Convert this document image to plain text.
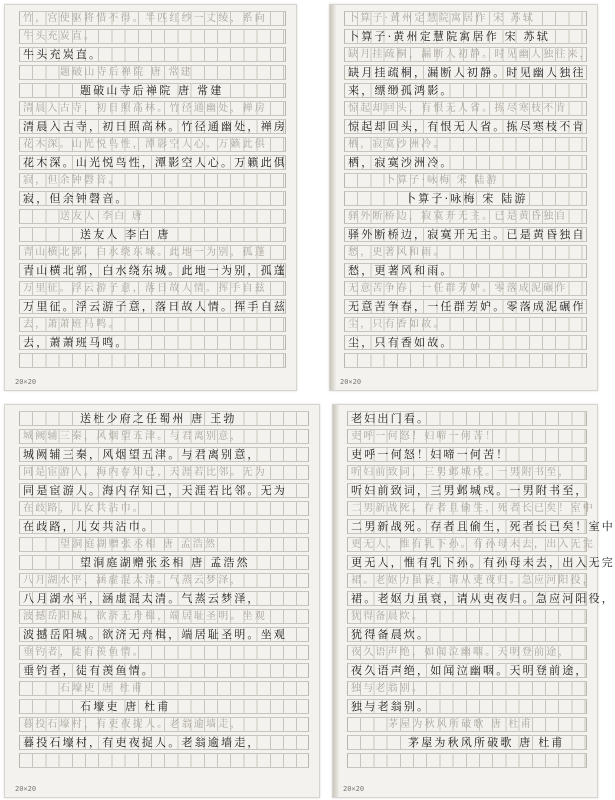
竹，宫使驱将惜不得。半匹红纱一丈绫，系向
牛头充炭直。
牛头充炭直。
题破山寺后禅院 唐 常建
题破山寺后禅院 唐 常建
清晨入古寺，初日照高林。竹径通幽处，禅房
清晨入古寺，初日照高林。竹径通幽处，禅房
花木深。山光悦鸟性，潭影空人心。万籁此俱
花木深。山光悦鸟性，潭影空人心。万籁此俱
寂，但余钟磬音。
寂，但余钟磬音。
送友人 李白 唐
送友人 李白 唐
青山横北郭，白水绕东城。此地一为别，孤蓬
青山横北郭，白水绕东城。此地一为别，孤蓬
万里征。浮云游子意，落日故人情。挥手自兹
万里征。浮云游子意，落日故人情。挥手自兹
去，萧萧班马鸣。
去，萧萧班马鸣。
20×20
卜算子·黄州定慧院寓居作 宋 苏轼
卜算子·黄州定慧院寓居作 宋 苏轼
缺月挂疏桐，漏断人初静。时见幽人独往来，
缺月挂疏桐，漏断人初静。时见幽人独往
来，缥缈孤鸿影。
惊起却回头，有恨无人省。拣尽寒枝不肯
惊起却回头，有恨无人省。拣尽寒枝不肯
栖，寂寞沙洲冷。
栖，寂寞沙洲冷。
卜算子·咏梅 宋 陆游
卜算子·咏梅 宋 陆游
驿外断桥边，寂寞开无主。已是黄昏独自
驿外断桥边，寂寞开无主。已是黄昏独自
愁，更著风和雨。
愁，更著风和雨。
无意苦争春，一任群芳妒。零落成泥碾作
无意苦争春，一任群芳妒。零落成泥碾作
尘，只有香如故。
尘，只有香如故。
20×20
送杜少府之任蜀州 唐 王勃
城阙辅三秦，风烟望五津。与君离别意，
城阙辅三秦，风烟望五津。与君离别意，
同是宦游人。海内存知己，天涯若比邻。无为
同是宦游人。海内存知己，天涯若比邻。无为
在歧路，儿女共沾巾。
在歧路，儿女共沾巾。
望洞庭湖赠张丞相 唐 孟浩然
望洞庭湖赠张丞相 唐 孟浩然
八月湖水平，涵虚混太清。气蒸云梦泽，
八月湖水平，涵虚混太清。气蒸云梦泽，
波撼岳阳城。欲济无舟楫，端居耻圣明。坐观
波撼岳阳城。欲济无舟楫，端居耻圣明。坐观
垂钓者，徒有羡鱼情。
垂钓者，徒有羡鱼情。
石壕吏 唐 杜甫
石壕吏 唐 杜甫
暮投石壕村，有吏夜捉人。老翁逾墙走，
暮投石壕村，有吏夜捉人。老翁逾墙走，
20×20
老妇出门看。
吏呼一何怒！妇啼一何苦！
吏呼一何怒！妇啼一何苦！
听妇前致词，三男邺城戍。一男附书至，
听妇前致词，三男邺城戍。一男附书至，
二男新战死。存者且偷生，死者长已矣！室中
二男新战死。存者且偷生，死者长已矣！室中
更无人，惟有乳下孙。有孙母未去，出入无完
更无人，惟有乳下孙。有孙母未去，出入无完
裙。老妪力虽衰，请从吏夜归。急应河阳役，
裙。老妪力虽衰，请从吏夜归。急应河阳役，
犹得备晨炊。
犹得备晨炊。
夜久语声绝，如闻泣幽咽。天明登前途，
夜久语声绝，如闻泣幽咽。天明登前途，
独与老翁别。
独与老翁别。
茅屋为秋风所破歌 唐 杜甫
茅屋为秋风所破歌 唐 杜甫
20×20
